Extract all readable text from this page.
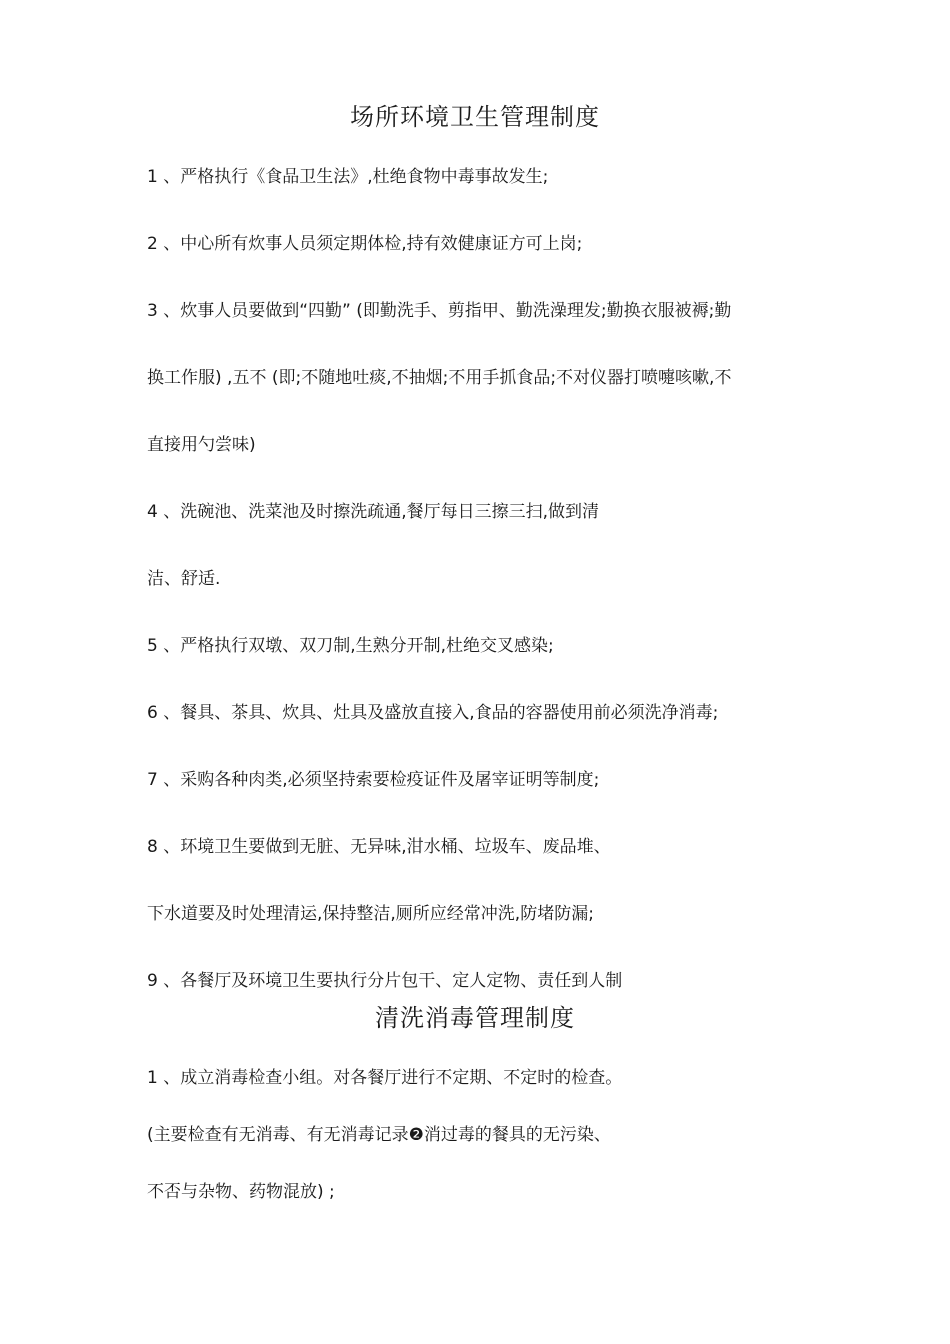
场所环境卫生管理制度
1 、严格执行《食品卫生法》,杜绝食物中毒事故发生;
2 、中心所有炊事人员须定期体检,持有效健康证方可上岗;
3 、炊事人员要做到“四勤” (即勤洗手、剪指甲、勤洗澡理发;勤换衣服被褥;勤
换工作服) ,五不 (即;不随地吐痰,不抽烟;不用手抓食品;不对仪器打喷嚏咳嗽,不
直接用勺尝味)
4 、洗碗池、洗菜池及时擦洗疏通,餐厅每日三擦三扫,做到清
洁、舒适.
5 、严格执行双墩、双刀制,生熟分开制,杜绝交叉感染;
6 、餐具、茶具、炊具、灶具及盛放直接入,食品的容器使用前必须洗净消毒;
7 、采购各种肉类,必须坚持索要检疫证件及屠宰证明等制度;
8 、环境卫生要做到无脏、无异味,泔水桶、垃圾车、废品堆、
下水道要及时处理清运,保持整洁,厕所应经常冲洗,防堵防漏;
9 、各餐厅及环境卫生要执行分片包干、定人定物、责任到人制
清洗消毒管理制度
1 、成立消毒检查小组。对各餐厅进行不定期、不定时的检查。
(主要检查有无消毒、有无消毒记录❷消过毒的餐具的无污染、
不否与杂物、药物混放) ;
